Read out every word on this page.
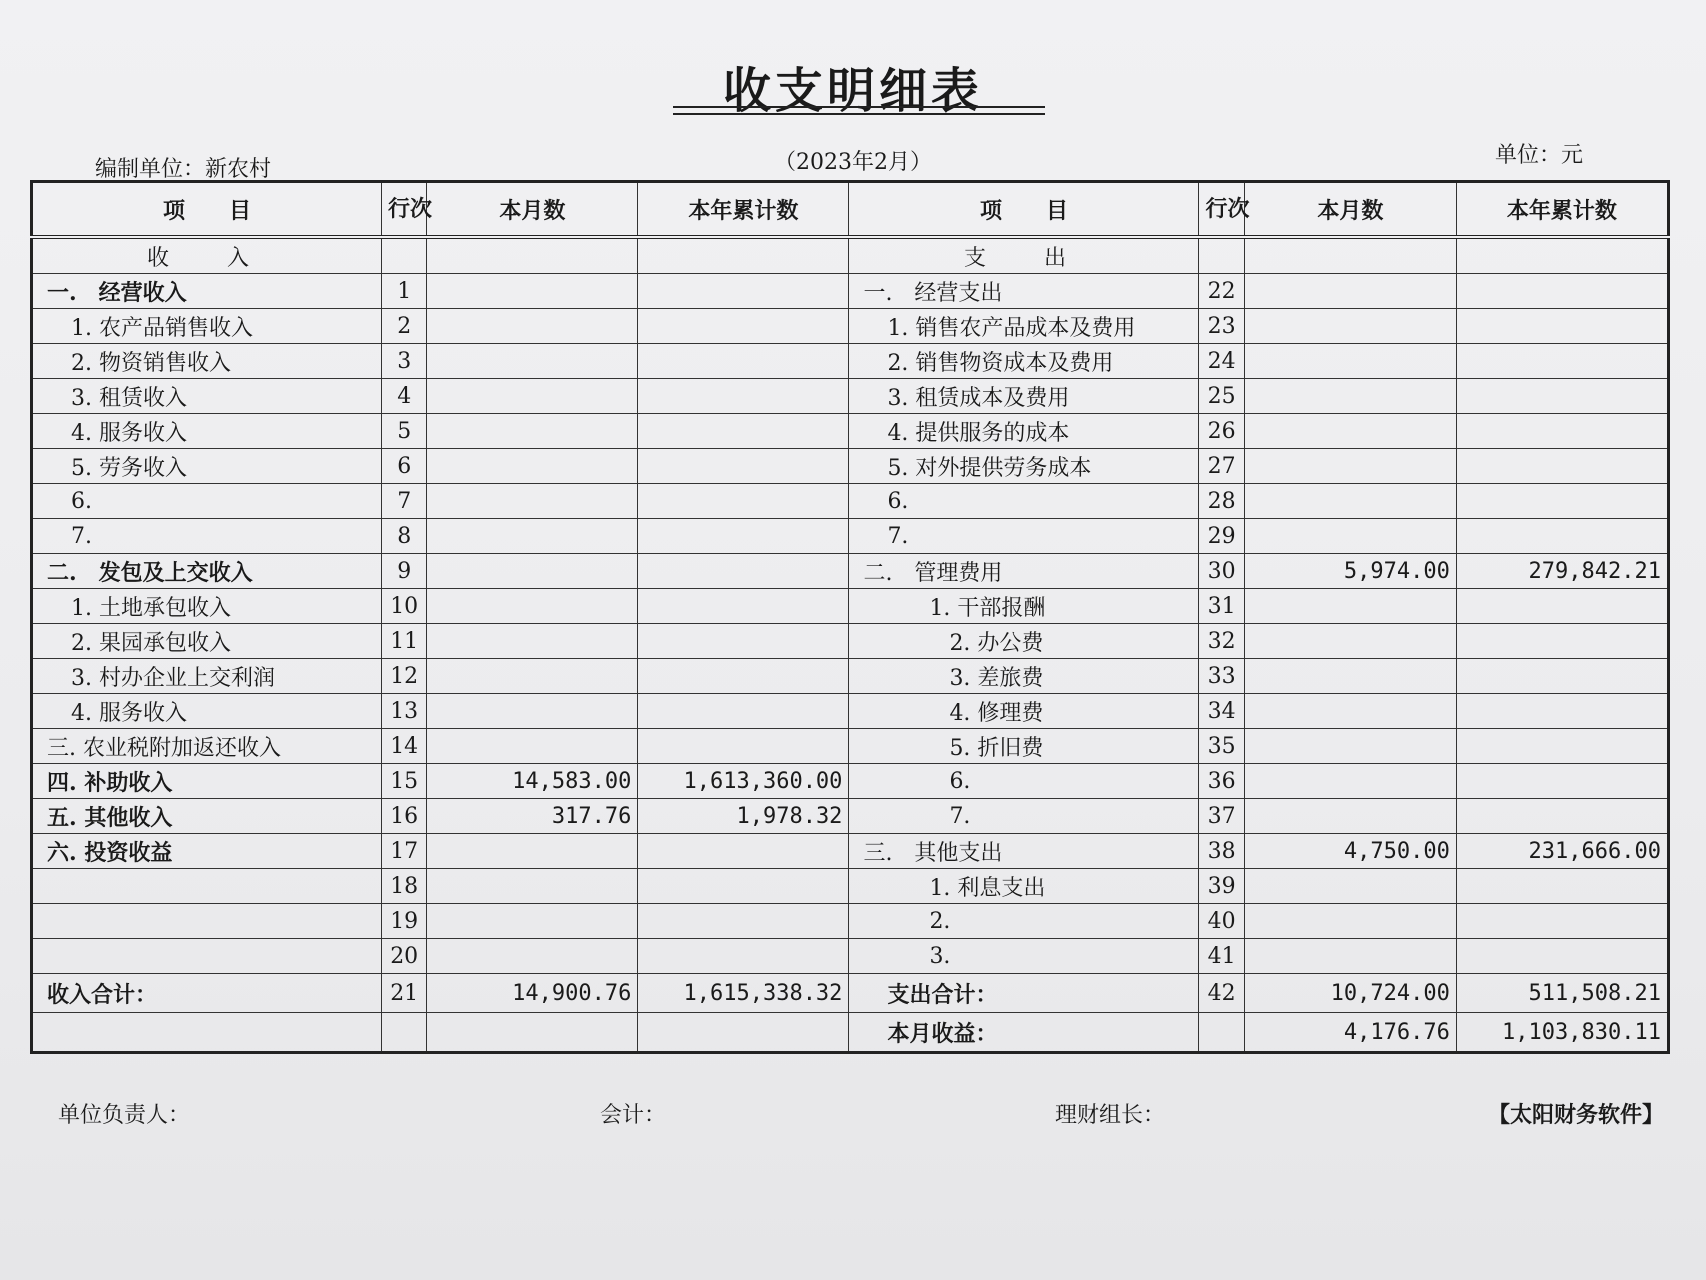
收支明细表
编制单位：新农村	（2023年2月）	单位：元
项　　目	行次	本月数	本年累计数	项　　目	行次	本月数	本年累计数
收　入				支　出			
一.　经营收入	1			一.　经营支出	22		
1. 农产品销售收入	2			1. 销售农产品成本及费用	23		
2. 物资销售收入	3			2. 销售物资成本及费用	24		
3. 租赁收入	4			3. 租赁成本及费用	25		
4. 服务收入	5			4. 提供服务的成本	26		
5. 劳务收入	6			5. 对外提供劳务成本	27		
6.	7			6.	28		
7.	8			7.	29		
二.　发包及上交收入	9			二.　管理费用	30	5,974.00	279,842.21
1. 土地承包收入	10			1. 干部报酬	31		
2. 果园承包收入	11			2. 办公费	32		
3. 村办企业上交利润	12			3. 差旅费	33		
4. 服务收入	13			4. 修理费	34		
三. 农业税附加返还收入	14			5. 折旧费	35		
四. 补助收入	15	14,583.00	1,613,360.00	6.	36		
五. 其他收入	16	317.76	1,978.32	7.	37		
六. 投资收益	17			三.　其他支出	38	4,750.00	231,666.00
	18			1. 利息支出	39		
	19			2.	40		
	20			3.	41		
收入合计：	21	14,900.76	1,615,338.32	支出合计：	42	10,724.00	511,508.21
				本月收益：		4,176.76	1,103,830.11
单位负责人：	会计：	理财组长：	【太阳财务软件】
